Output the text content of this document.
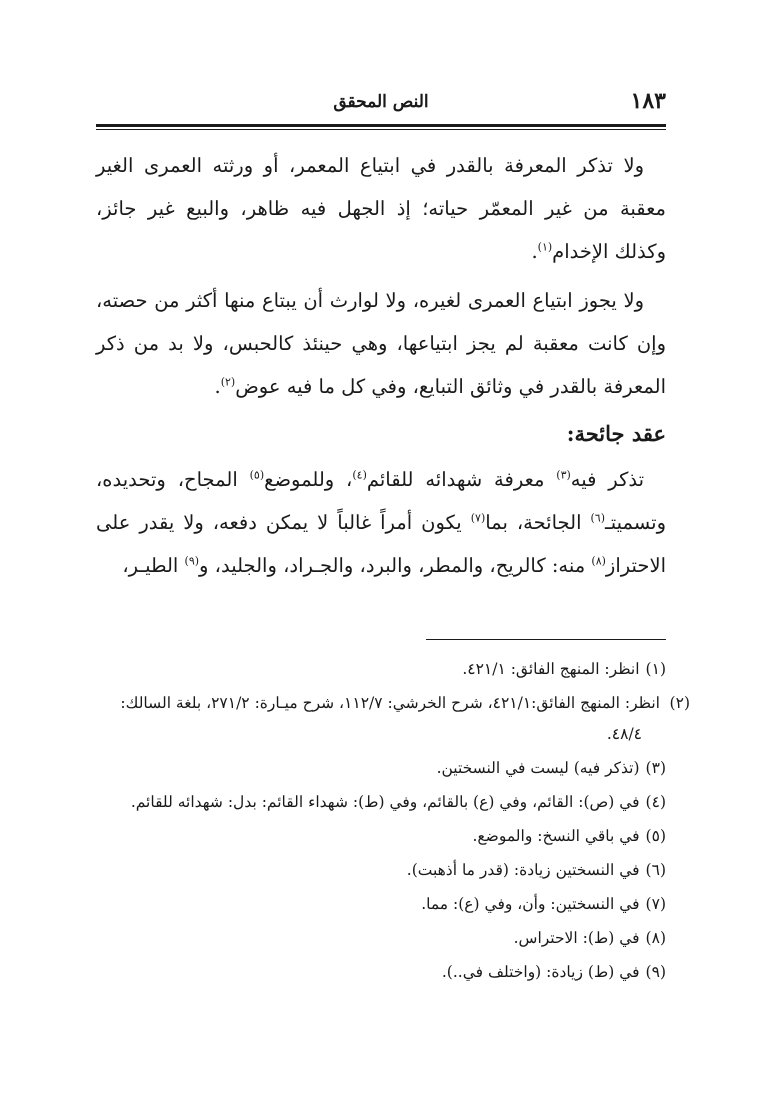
١٨٣
النص المحقق

ولا تذكر المعرفة بالقدر في ابتياع المعمر، أو ورثته العمرى الغير معقبة من غير المعمّر حياته؛ إذ الجهل فيه ظاهر، والبيع غير جائز، وكذلك الإخدام$^{(١)}$.

ولا يجوز ابتياع العمرى لغيره، ولا لوارث أن يبتاع منها أكثر من حصته، وإن كانت معقبة لم يجز ابتياعها، وهي حينئذ كالحبس، ولا بد من ذكر المعرفة بالقدر في وثائق التبايع، وفي كل ما فيه عوض$^{(٢)}$.

عقد جائحة:

تذكر فيه$^{(٣)}$ معرفة شهدائه للقائم$^{(٤)}$، وللموضع$^{(٥)}$ المجاح، وتحديده، وتسميتـ$^{(٦)}$ الجائحة، بما$^{(٧)}$ يكون أمراً غالباً لا يمكن دفعه، ولا يقدر على الاحتراز$^{(٨)}$ منه: كالريح، والمطر، والبرد، والجـراد، والجليد، و$^{(٩)}$ الطيـر،

(١)انظر: المنهج الفائق: ٤٢١/١.
(٢)انظر: المنهج الفائق:٤٢١/١، شرح الخرشي: ١١٢/٧، شرح ميـارة: ٢٧١/٢، بلغة السالك: ٤٨/٤.
(٣)(تذكر فيه) ليست في النسختين.
(٤)في (ص): القائم، وفي (ع) بالقائم، وفي (ط): شهداء القائم: بدل: شهدائه للقائم.
(٥)في باقي النسخ: والموضع.
(٦)في النسختين زيادة: (قدر ما أذهبت).
(٧)في النسختين: وأن، وفي (ع): مما.
(٨)في (ط): الاحتراس.
(٩)في (ط) زيادة: (واختلف في..).
